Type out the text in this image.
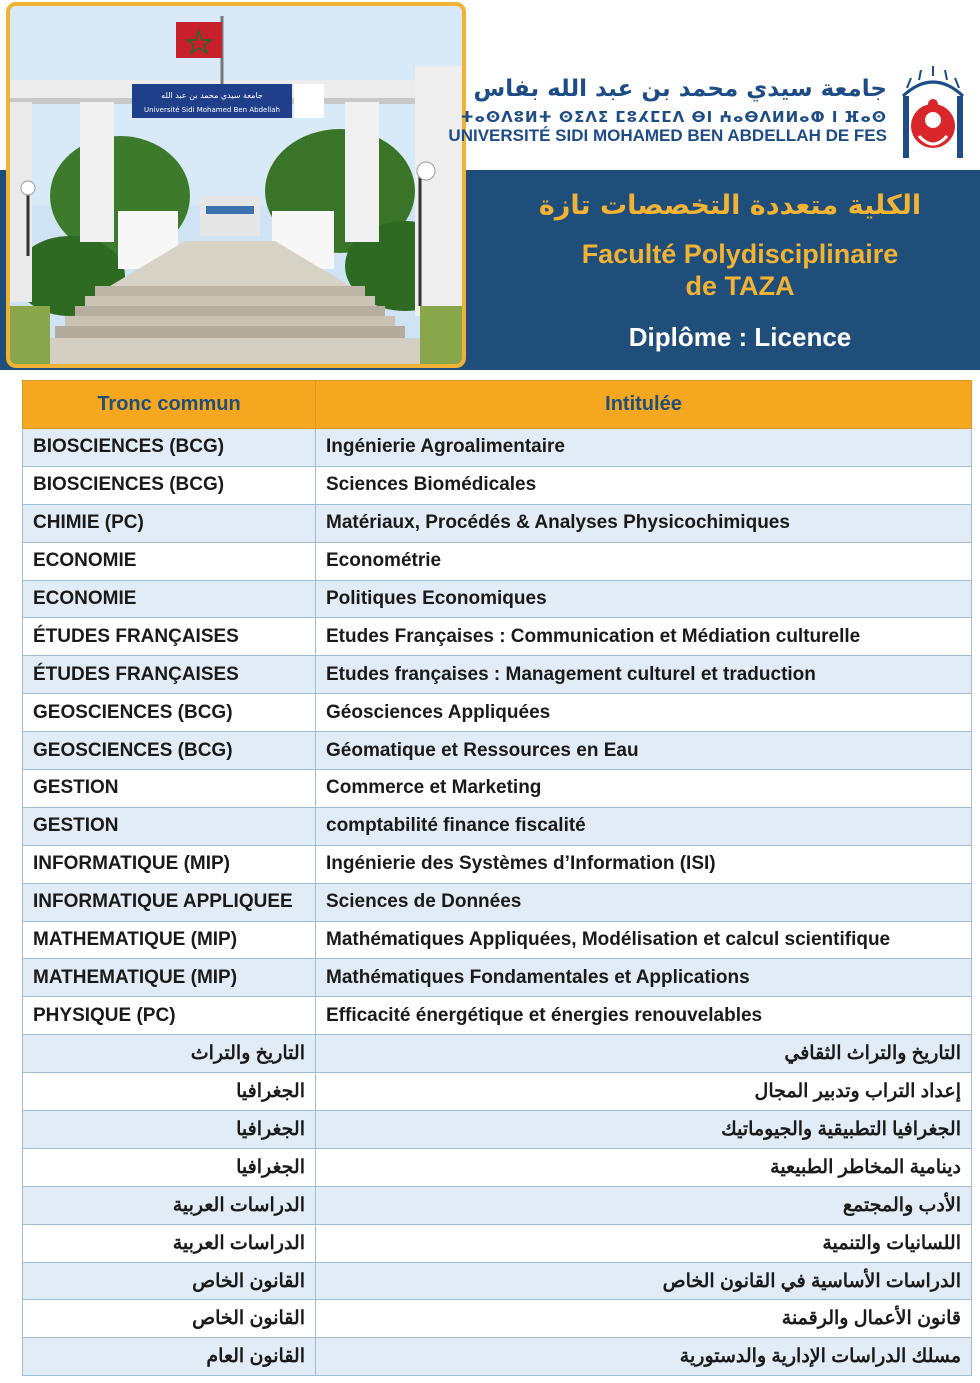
جامعة سيدي محمد بن عبد الله
Université Sidi Mohamed Ben Abdellah
جامعة سيدي محمد بن عبد الله بفاس
ⵜⴰⵙⴷⵓⵍⵜ ⵙⵉⴷⵉ ⵎⵓⵃⵎⵎⴷ ⴱⵏ ⵄⴰⴱⴷⵍⵍⴰⵀ ⵏ ⴼⴰⵙ
UNIVERSITÉ SIDI MOHAMED BEN ABDELLAH DE FES
الكلية متعددة التخصصات تازة
Faculté Polydisciplinaire
de TAZA
Diplôme : Licence
Tronc commun	Intitulée
BIOSCIENCES (BCG)	Ingénierie Agroalimentaire
BIOSCIENCES (BCG)	Sciences Biomédicales
CHIMIE (PC)	Matériaux, Procédés & Analyses Physicochimiques
ECONOMIE	Econométrie
ECONOMIE	Politiques Economiques
ÉTUDES FRANÇAISES	Etudes Françaises : Communication et Médiation culturelle
ÉTUDES FRANÇAISES	Etudes françaises : Management culturel et traduction
GEOSCIENCES (BCG)	Géosciences Appliquées
GEOSCIENCES (BCG)	Géomatique et Ressources en Eau
GESTION	Commerce et Marketing
GESTION	comptabilité finance fiscalité
INFORMATIQUE (MIP)	Ingénierie des Systèmes d’Information (ISI)
INFORMATIQUE APPLIQUEE	Sciences de Données
MATHEMATIQUE (MIP)	Mathématiques Appliquées, Modélisation et calcul scientifique
MATHEMATIQUE (MIP)	Mathématiques Fondamentales et Applications
PHYSIQUE (PC)	Efficacité énergétique et énergies renouvelables
التاريخ والتراث	التاريخ والتراث الثقافي
الجغرافيا	إعداد التراب وتدبير المجال
الجغرافيا	الجغرافيا التطبيقية والجيوماتيك
الجغرافيا	دينامية المخاطر الطبيعية
الدراسات العربية	الأدب والمجتمع
الدراسات العربية	اللسانيات والتنمية
القانون الخاص	الدراسات الأساسية في القانون الخاص
القانون الخاص	قانون الأعمال والرقمنة
القانون العام	مسلك الدراسات الإدارية والدستورية
